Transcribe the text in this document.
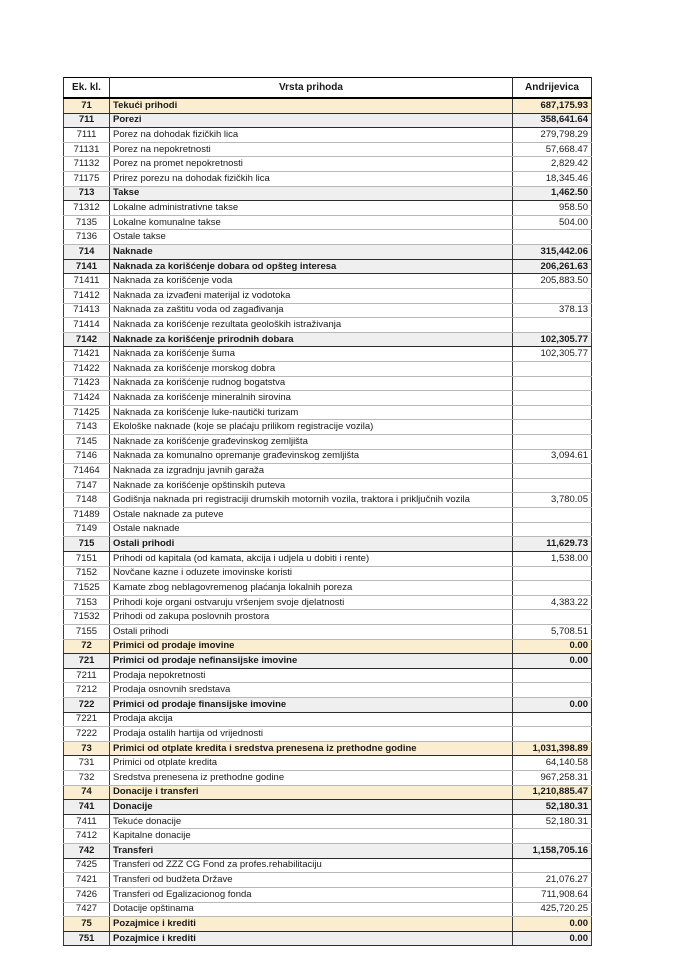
Ek. kl.	Vrsta prihoda	Andrijevica
71	Tekući prihodi	687,175.93
711	Porezi	358,641.64
7111	Porez na dohodak fizičkih lica	279,798.29
71131	Porez na nepokretnosti	57,668.47
71132	Porez na promet nepokretnosti	2,829.42
71175	Prirez porezu na dohodak fizičkih lica	18,345.46
713	Takse	1,462.50
71312	Lokalne administrativne takse	958.50
7135	Lokalne komunalne takse	504.00
7136	Ostale takse	
714	Naknade	315,442.06
7141	Naknada za korišćenje dobara od opšteg interesa	206,261.63
71411	Naknada za korišćenje voda	205,883.50
71412	Naknada za izvađeni materijal iz vodotoka	
71413	Naknada za zaštitu voda od zagađivanja	378.13
71414	Naknada za korišćenje rezultata geoloških istraživanja	
7142	Naknade za korišćenje prirodnih dobara	102,305.77
71421	Naknada za korišćenje šuma	102,305.77
71422	Naknada za korišćenje morskog dobra	
71423	Naknada za korišćenje rudnog bogatstva	
71424	Naknada za korišćenje mineralnih sirovina	
71425	Naknada za korišćenje luke-nautički turizam	
7143	Ekološke naknade (koje se plaćaju prilikom registracije vozila)	
7145	Naknade za korišćenje građevinskog zemljišta	
7146	Naknada za komunalno opremanje građevinskog zemljišta	3,094.61
71464	Naknada za izgradnju javnih garaža	
7147	Naknade za korišćenje opštinskih puteva	
7148	Godišnja naknada pri registraciji drumskih motornih vozila, traktora i priključnih vozila	3,780.05
71489	Ostale naknade za puteve	
7149	Ostale naknade	
715	Ostali prihodi	11,629.73
7151	Prihodi od kapitala (od kamata, akcija i udjela u dobiti i rente)	1,538.00
7152	Novčane kazne i oduzete imovinske koristi	
71525	Kamate zbog neblagovremenog plaćanja lokalnih poreza	
7153	Prihodi koje organi ostvaruju vršenjem svoje djelatnosti	4,383.22
71532	Prihodi od zakupa poslovnih prostora	
7155	Ostali prihodi	5,708.51
72	Primici od prodaje imovine	0.00
721	Primici od prodaje nefinansijske imovine	0.00
7211	Prodaja nepokretnosti	
7212	Prodaja osnovnih sredstava	
722	Primici od prodaje finansijske imovine	0.00
7221	Prodaja akcija	
7222	Prodaja ostalih hartija od vrijednosti	
73	Primici od otplate kredita i sredstva prenesena iz prethodne godine	1,031,398.89
731	Primici od otplate kredita	64,140.58
732	Sredstva prenesena iz prethodne godine	967,258.31
74	Donacije i transferi	1,210,885.47
741	Donacije	52,180.31
7411	Tekuće donacije	52,180.31
7412	Kapitalne donacije	
742	Transferi	1,158,705.16
7425	Transferi od ZZZ CG Fond za profes.rehabilitaciju	
7421	Transferi od budžeta Države	21,076.27
7426	Transferi od Egalizacionog fonda	711,908.64
7427	Dotacije opštinama	425,720.25
75	Pozajmice i krediti	0.00
751	Pozajmice i krediti	0.00
